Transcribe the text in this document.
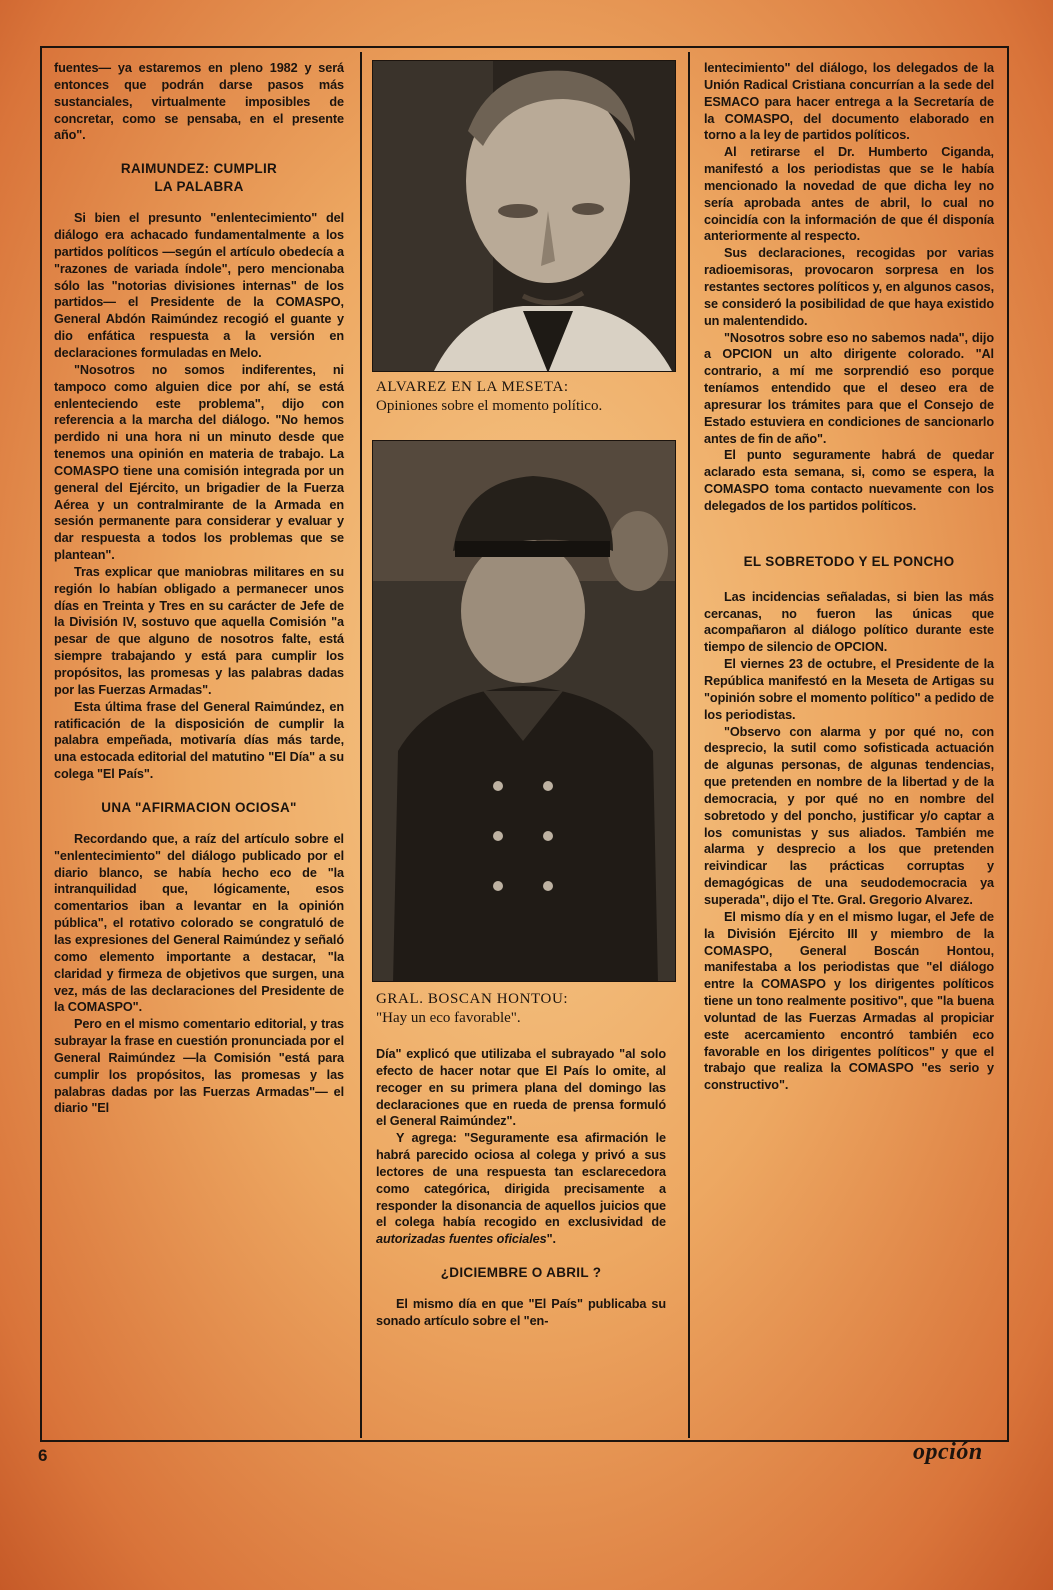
fuentes— ya estaremos en pleno 1982 y será entonces que podrán darse pasos más sustanciales, virtualmente imposibles de concretar, como se pensaba, en el presente año".

RAIMUNDEZ: CUMPLIR
LA PALABRA

Si bien el presunto "enlentecimiento" del diálogo era achacado fundamentalmente a los partidos políticos —según el artículo obedecía a "razones de variada índole", pero mencionaba sólo las "notorias divisiones internas" de los partidos— el Presidente de la COMASPO, General Abdón Raimúndez recogió el guante y dio enfática respuesta a la versión en declaraciones formuladas en Melo.

"Nosotros no somos indiferentes, ni tampoco como alguien dice por ahí, se está enlenteciendo este problema", dijo con referencia a la marcha del diálogo. "No hemos perdido ni una hora ni un minuto desde que tenemos una opinión en materia de trabajo. La COMASPO tiene una comisión integrada por un general del Ejército, un brigadier de la Fuerza Aérea y un contralmirante de la Armada en sesión permanente para considerar y evaluar y dar respuesta a todos los problemas que se plantean".

Tras explicar que maniobras militares en su región lo habían obligado a permanecer unos días en Treinta y Tres en su carácter de Jefe de la División IV, sostuvo que aquella Comisión "a pesar de que alguno de nosotros falte, está siempre trabajando y está para cumplir los propósitos, las promesas y las palabras dadas por las Fuerzas Armadas".

Esta última frase del General Raimúndez, en ratificación de la disposición de cumplir la palabra empeñada, motivaría días más tarde, una estocada editorial del matutino "El Día" a su colega "El País".

UNA "AFIRMACION OCIOSA"

Recordando que, a raíz del artículo sobre el "enlentecimiento" del diálogo publicado por el diario blanco, se había hecho eco de "la intranquilidad que, lógicamente, esos comentarios iban a levantar en la opinión pública", el rotativo colorado se congratuló de las expresiones del General Raimúndez y señaló como elemento importante a destacar, "la claridad y firmeza de objetivos que surgen, una vez, más de las declaraciones del Presidente de la COMASPO".

Pero en el mismo comentario editorial, y tras subrayar la frase en cuestión pronunciada por el General Raimúndez —la Comisión "está para cumplir los propósitos, las promesas y las palabras dadas por las Fuerzas Armadas"— el diario "El

ALVAREZ EN LA MESETA:
Opiniones sobre el momento político.
GRAL. BOSCAN HONTOU:
"Hay un eco favorable".

Día" explicó que utilizaba el subrayado "al solo efecto de hacer notar que El País lo omite, al recoger en su primera plana del domingo las declaraciones que en rueda de prensa formuló el General Raimúndez".

Y agrega: "Seguramente esa afirmación le habrá parecido ociosa al colega y privó a sus lectores de una respuesta tan esclarecedora como categórica, dirigida precisamente a responder la disonancia de aquellos juicios que el colega había recogido en exclusividad de autorizadas fuentes oficiales".

¿DICIEMBRE O ABRIL ?

El mismo día en que "El País" publicaba su sonado artículo sobre el "en-

lentecimiento" del diálogo, los delegados de la Unión Radical Cristiana concurrían a la sede del ESMACO para hacer entrega a la Secretaría de la COMASPO, del documento elaborado en torno a la ley de partidos políticos.

Al retirarse el Dr. Humberto Ciganda, manifestó a los periodistas que se le había mencionado la novedad de que dicha ley no sería aprobada antes de abril, lo cual no coincidía con la información de que él disponía anteriormente al respecto.

Sus declaraciones, recogidas por varias radioemisoras, provocaron sorpresa en los restantes sectores políticos y, en algunos casos, se consideró la posibilidad de que haya existido un malentendido.

"Nosotros sobre eso no sabemos nada", dijo a OPCION un alto dirigente colorado. "Al contrario, a mí me sorprendió eso porque teníamos entendido que el deseo era de apresurar los trámites para que el Consejo de Estado estuviera en condiciones de sancionarlo antes de fin de año".

El punto seguramente habrá de quedar aclarado esta semana, si, como se espera, la COMASPO toma contacto nuevamente con los delegados de los partidos políticos.

EL SOBRETODO Y EL PONCHO

Las incidencias señaladas, si bien las más cercanas, no fueron las únicas que acompañaron al diálogo político durante este tiempo de silencio de OPCION.

El viernes 23 de octubre, el Presidente de la República manifestó en la Meseta de Artigas su "opinión sobre el momento político" a pedido de los periodistas.

"Observo con alarma y por qué no, con desprecio, la sutil como sofisticada actuación de algunas personas, de algunas tendencias, que pretenden en nombre de la libertad y de la democracia, y por qué no en nombre del sobretodo y del poncho, justificar y/o captar a los comunistas y sus aliados. También me alarma y desprecio a los que pretenden reivindicar las prácticas corruptas y demagógicas de una seudodemocracia ya superada", dijo el Tte. Gral. Gregorio Alvarez.

El mismo día y en el mismo lugar, el Jefe de la División Ejército III y miembro de la COMASPO, General Boscán Hontou, manifestaba a los periodistas que "el diálogo entre la COMASPO y los dirigentes políticos tiene un tono realmente positivo", que "la buena voluntad de las Fuerzas Armadas al propiciar este acercamiento encontró también eco favorable en los dirigentes políticos" y que el trabajo que realiza la COMASPO "es serio y constructivo".

6	opción
